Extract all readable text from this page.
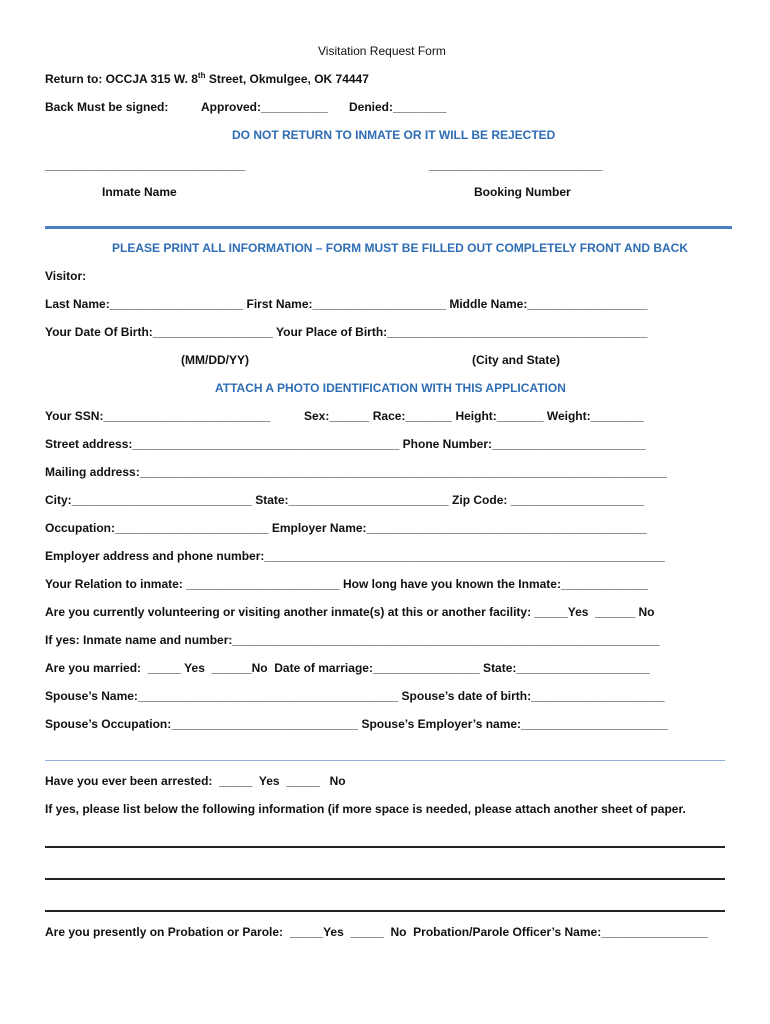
Visitation Request Form
Return to: OCCJA 315 W. 8th Street, Okmulgee, OK 74447
Back Must be signed:	Approved:__________ Denied:________
DO NOT RETURN TO INMATE OR IT WILL BE REJECTED
______________________________	__________________________
Inmate Name	Booking Number
PLEASE PRINT ALL INFORMATION – FORM MUST BE FILLED OUT COMPLETELY FRONT AND BACK
Visitor:
Last Name:____________________ First Name:____________________ Middle Name:__________________
Your Date Of Birth:__________________ Your Place of Birth:_______________________________________
(MM/DD/YY)	(City and State)
ATTACH A PHOTO IDENTIFICATION WITH THIS APPLICATION
Your SSN:_________________________	Sex:______ Race:_______ Height:_______ Weight:________
Street address:________________________________________ Phone Number:_______________________
Mailing address:_______________________________________________________________________________
City:___________________________ State:________________________ Zip Code: ____________________
Occupation:_______________________ Employer Name:__________________________________________
Employer address and phone number:____________________________________________________________
Your Relation to inmate: _______________________ How long have you known the Inmate:_____________
Are you currently volunteering or visiting another inmate(s) at this or another facility: _____Yes  ______ No
If yes: Inmate name and number:________________________________________________________________
Are you married:  _____ Yes  ______No  Date of marriage:________________ State:____________________
Spouse’s Name:_______________________________________ Spouse’s date of birth:____________________
Spouse’s Occupation:____________________________ Spouse’s Employer’s name:______________________
Have you ever been arrested:  _____  Yes  _____   No
If yes, please list below the following information (if more space is needed, please attach another sheet of paper.
Are you presently on Probation or Parole:  _____Yes  _____  No  Probation/Parole Officer’s Name:________________
